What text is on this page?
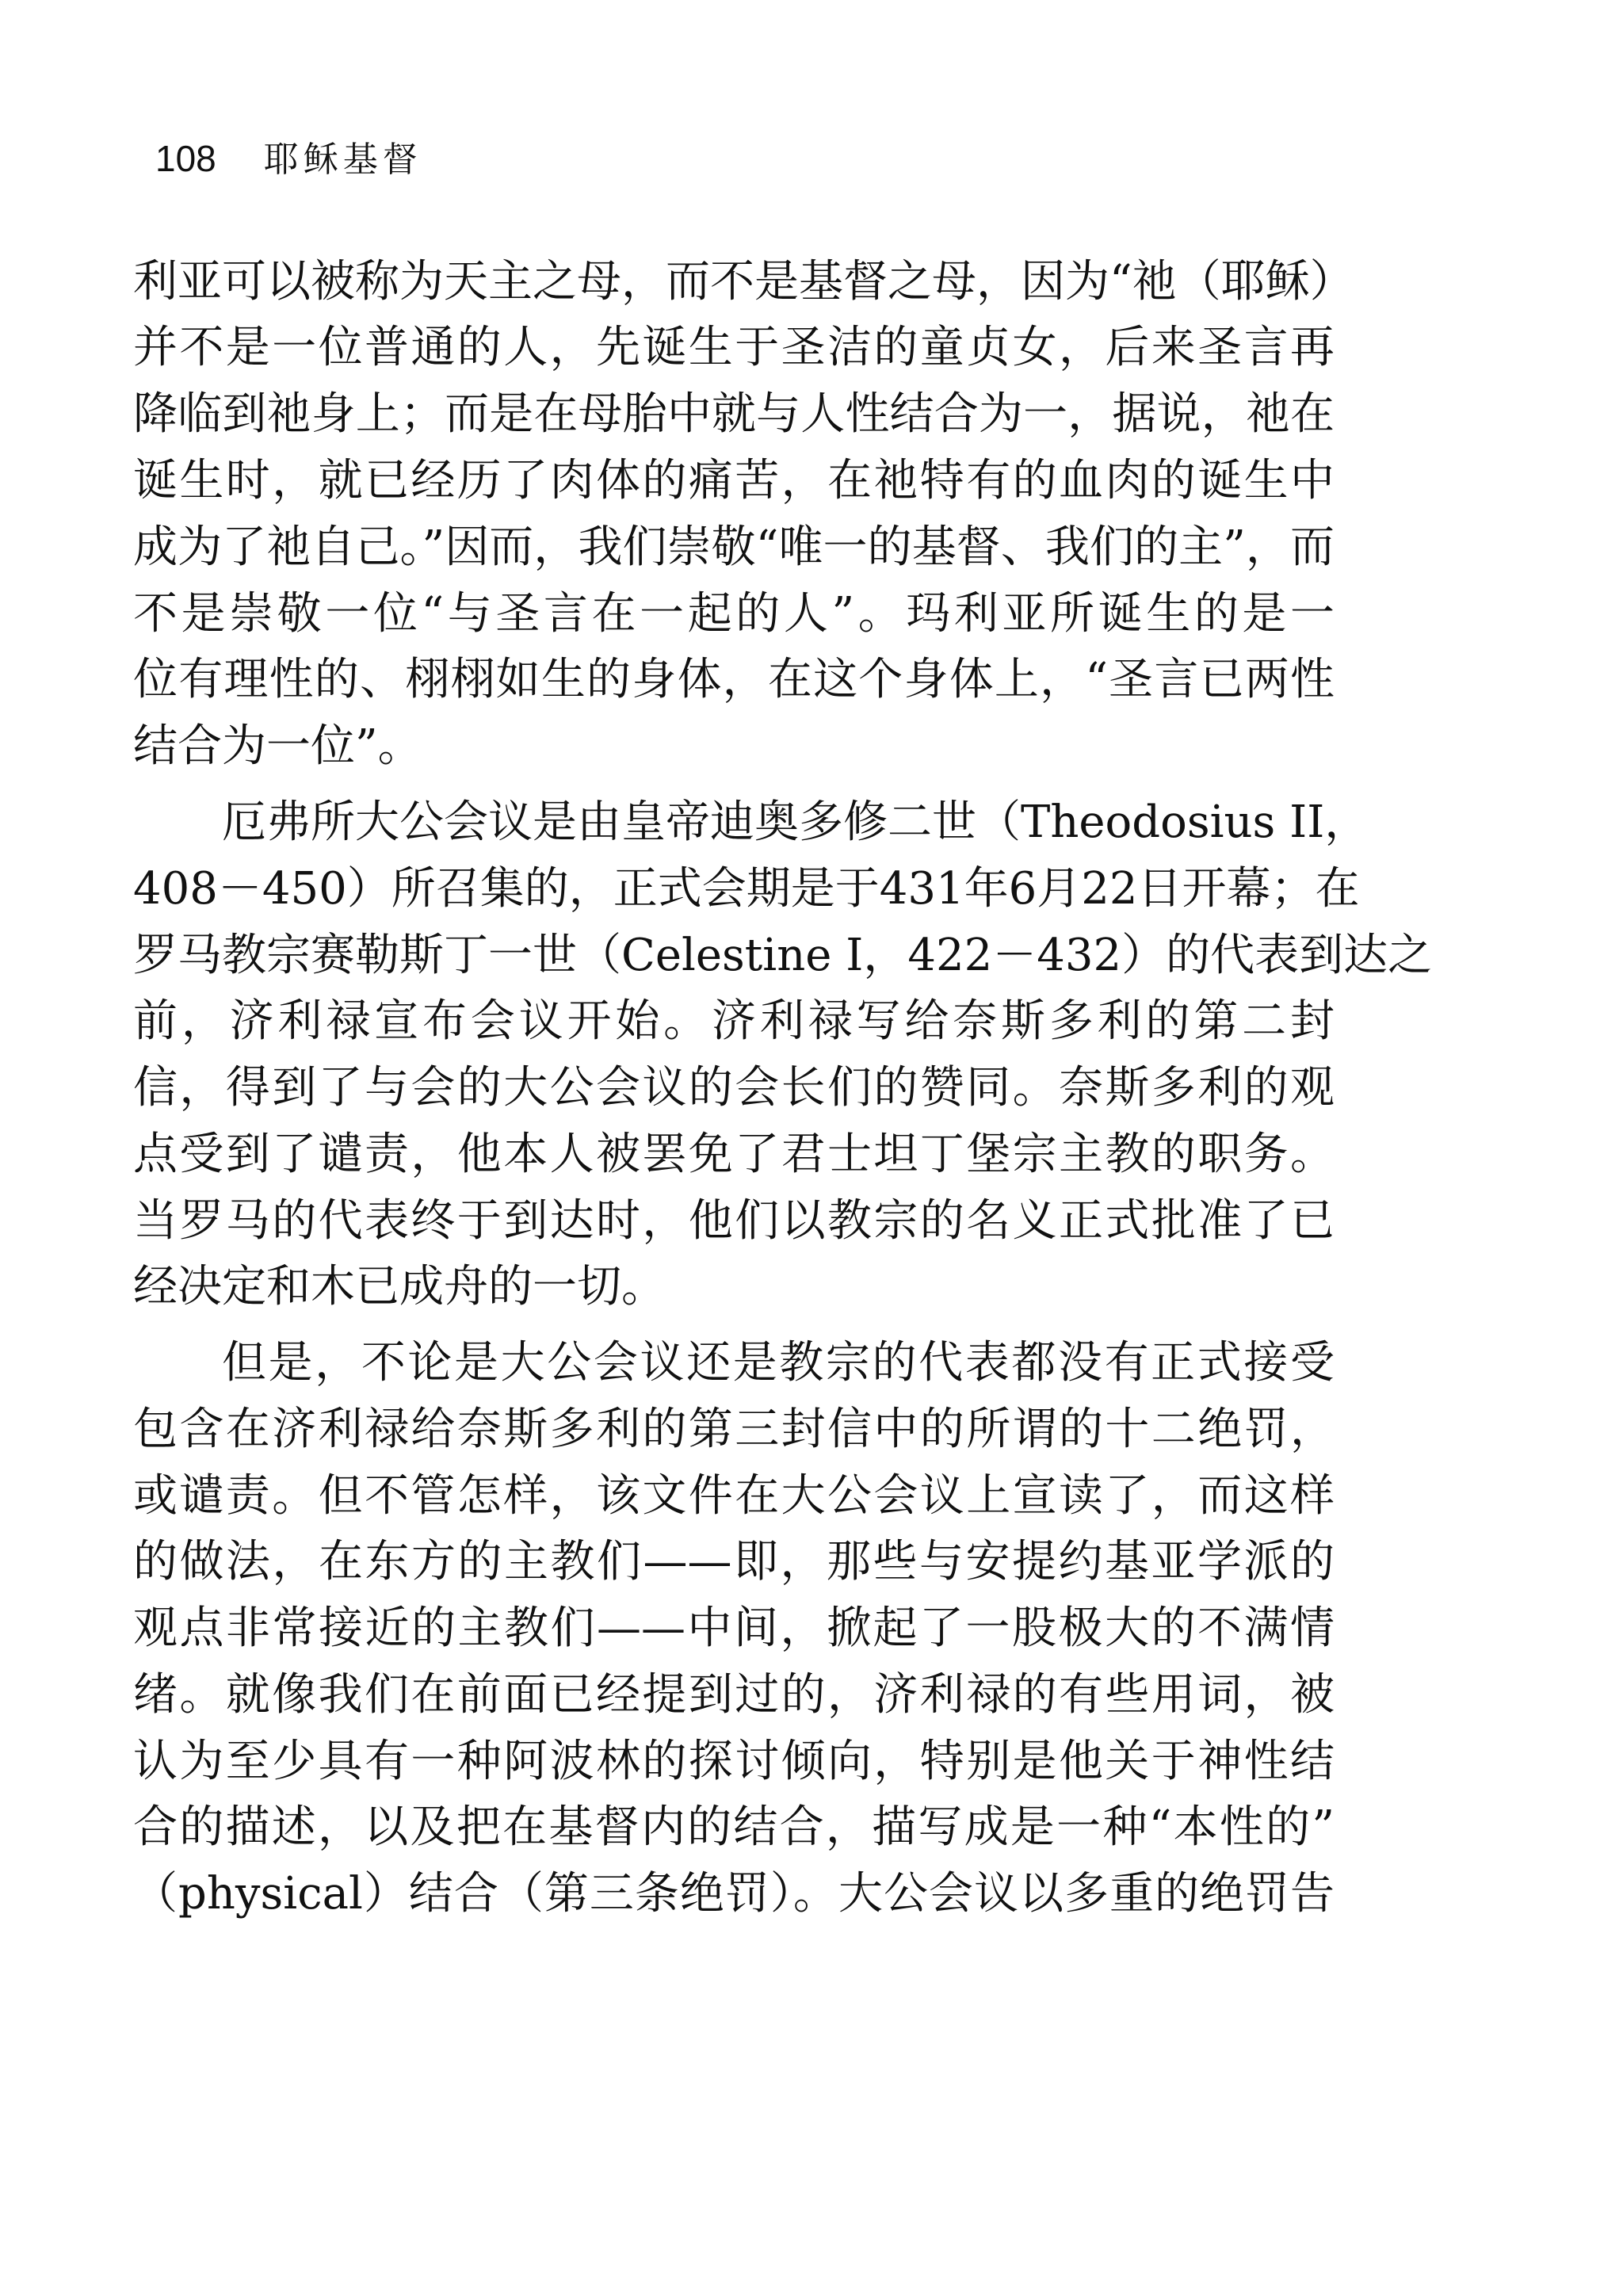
108 耶稣基督
利亚可以被称为天主之母，而不是基督之母，因为“祂（耶稣）
并不是一位普通的人，先诞生于圣洁的童贞女，后来圣言再
降临到祂身上；而是在母胎中就与人性结合为一，据说，祂在
诞生时，就已经历了肉体的痛苦，在祂特有的血肉的诞生中
成为了祂自己。”因而，我们崇敬“唯一的基督、我们的主”，而
不是崇敬一位“与圣言在一起的人”。玛利亚所诞生的是一
位有理性的、栩栩如生的身体，在这个身体上，“圣言已两性
结合为一位”。
厄弗所大公会议是由皇帝迪奥多修二世（Theodosius II，
408－450）所召集的，正式会期是于431年6月22日开幕；在
罗马教宗赛勒斯丁一世（Celestine I，422－432）的代表到达之
前，济利禄宣布会议开始。济利禄写给奈斯多利的第二封
信，得到了与会的大公会议的会长们的赞同。奈斯多利的观
点受到了谴责，他本人被罢免了君士坦丁堡宗主教的职务。
当罗马的代表终于到达时，他们以教宗的名义正式批准了已
经决定和木已成舟的一切。
但是，不论是大公会议还是教宗的代表都没有正式接受
包含在济利禄给奈斯多利的第三封信中的所谓的十二绝罚，
或谴责。但不管怎样，该文件在大公会议上宣读了，而这样
的做法，在东方的主教们——即，那些与安提约基亚学派的
观点非常接近的主教们——中间，掀起了一股极大的不满情
绪。就像我们在前面已经提到过的，济利禄的有些用词，被
认为至少具有一种阿波林的探讨倾向，特别是他关于神性结
合的描述，以及把在基督内的结合，描写成是一种“本性的”
（physical）结合（第三条绝罚）。大公会议以多重的绝罚告
